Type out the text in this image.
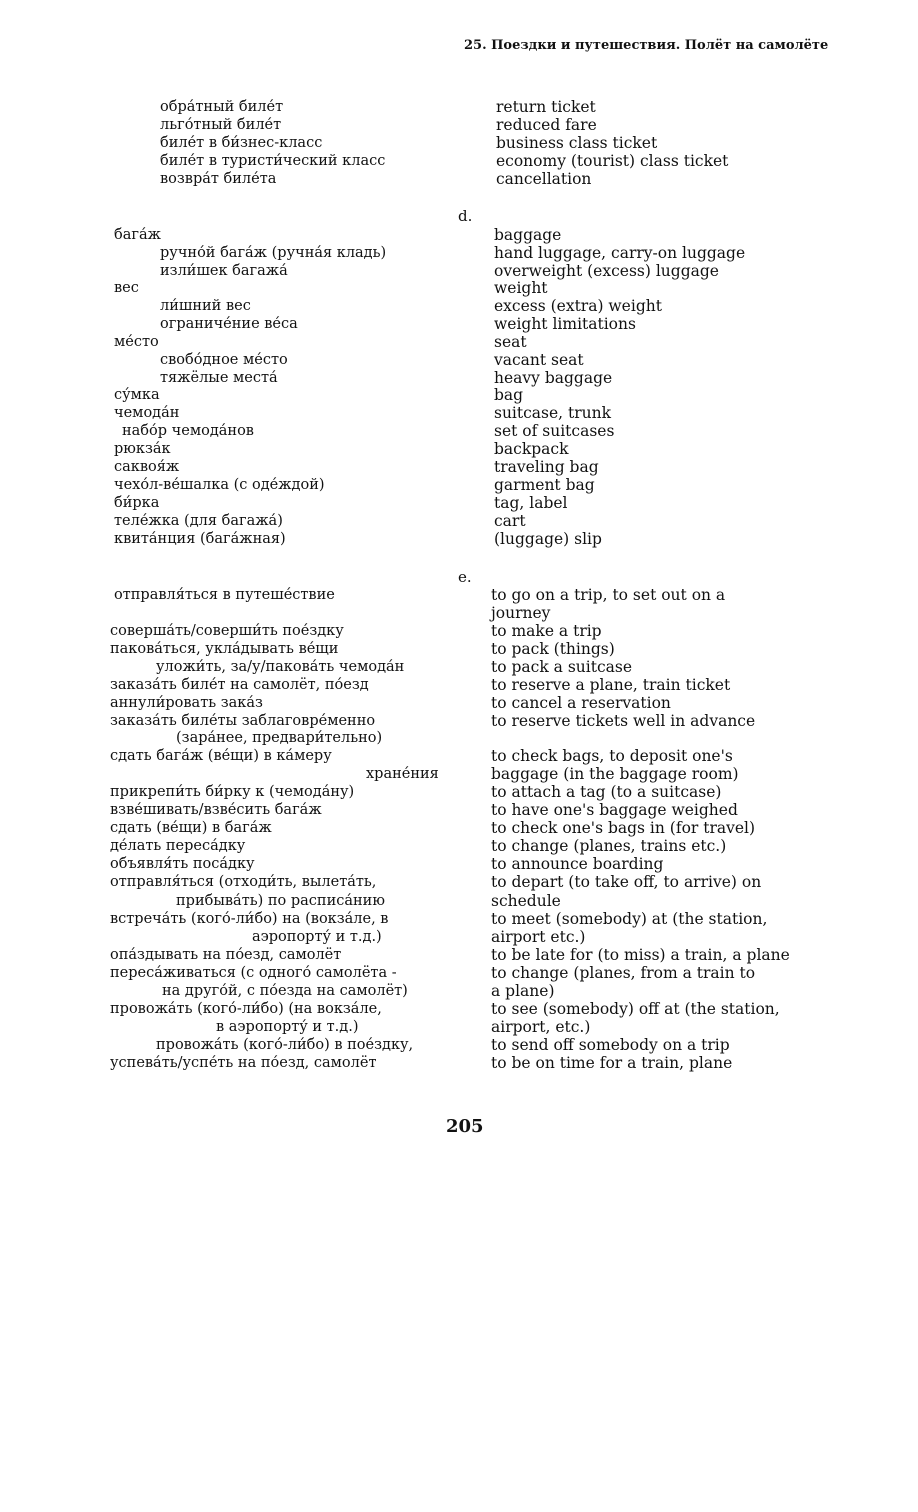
25. Поездки и путешествия. Полёт на самолёте
d.
e.
обра́тный биле́т	return ticket
льго́тный биле́т	reduced fare
биле́т в би́знес-класс	business class ticket
биле́т в туристи́ческий класс	economy (tourist) class ticket
возвра́т биле́та	cancellation
бага́ж	baggage
ручно́й бага́ж (ручна́я кладь)	hand luggage, carry-on luggage
изли́шек багажа́	overweight (excess) luggage
вес	weight
ли́шний вес	excess (extra) weight
ограниче́ние ве́са	weight limitations
ме́сто	seat
свобо́дное ме́сто	vacant seat
тяжёлые места́	heavy baggage
су́мка	bag
чемода́н	suitcase, trunk
набо́р чемода́нов	set of suitcases
рюкза́к	backpack
саквоя́ж	traveling bag
чехо́л-ве́шалка (с оде́ждой)	garment bag
би́рка	tag, label
теле́жка (для багажа́)	cart
квита́нция (бага́жная)	(luggage) slip
отправля́ться в путеше́ствие	to go on a trip, to set out on a
journey
соверша́ть/соверши́ть пое́здку	to make a trip
пакова́ться, укла́дывать ве́щи	to pack (things)
уложи́ть, за/у/пакова́ть чемода́н	to pack a suitcase
заказа́ть биле́т на самолёт, по́езд	to reserve a plane, train ticket
аннули́ровать зака́з	to cancel a reservation
заказа́ть биле́ты заблаговре́менно	to reserve tickets well in advance
(зара́нее, предвари́тельно)
сдать бага́ж (ве́щи) в ка́меру	to check bags, to deposit one's
хране́ния	baggage (in the baggage room)
прикрепи́ть би́рку к (чемода́ну)	to attach a tag (to a suitcase)
взве́шивать/взве́сить бага́ж	to have one's baggage weighed
сдать (ве́щи) в бага́ж	to check one's bags in (for travel)
де́лать переса́дку	to change (planes, trains etc.)
объявля́ть поса́дку	to announce boarding
отправля́ться (отходи́ть, вылета́ть,	to depart (to take off, to arrive) on
прибыва́ть) по расписа́нию	schedule
встреча́ть (кого́-ли́бо) на (вокза́ле, в	to meet (somebody) at (the station,
аэропорту́ и т.д.)	airport etc.)
опа́здывать на по́езд, самолёт	to be late for (to miss) a train, a plane
переса́живаться (с одного́ самолёта -	to change (planes, from a train to
на друго́й, с по́езда на самолёт)	a plane)
провожа́ть (кого́-ли́бо) (на вокза́ле,	to see (somebody) off at (the station,
в аэропорту́ и т.д.)	airport, etc.)
провожа́ть (кого́-ли́бо) в пое́здку,	to send off somebody on a trip
успева́ть/успе́ть на по́езд, самолёт	to be on time for a train, plane
205
